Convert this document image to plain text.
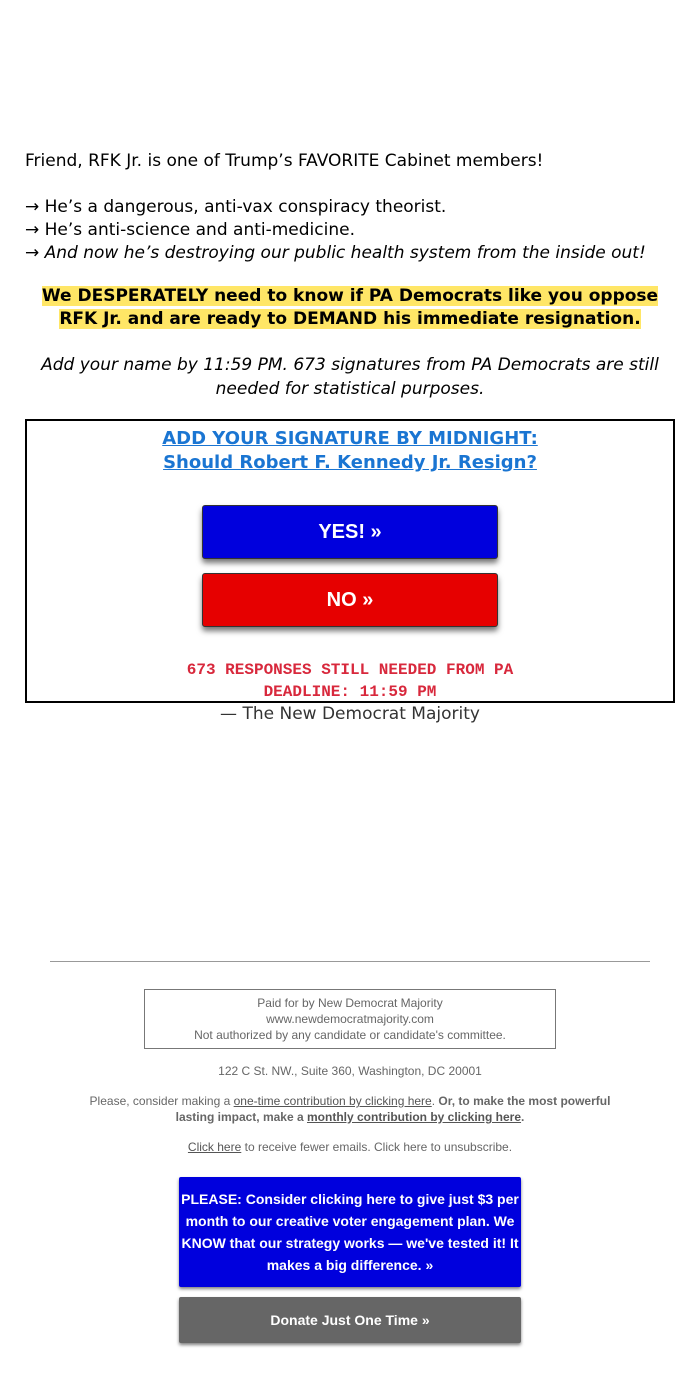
Friend, RFK Jr. is one of Trump’s FAVORITE Cabinet members!

→ He’s a dangerous, anti-vax conspiracy theorist.

→ He’s anti-science and anti-medicine.

→ And now he’s destroying our public health system from the inside out!

We DESPERATELY need to know if PA Democrats like you oppose RFK Jr. and are ready to DEMAND his immediate resignation.

Add your name by 11:59 PM. 673 signatures from PA Democrats are still needed for statistical purposes.

ADD YOUR SIGNATURE BY MIDNIGHT:
Should Robert F. Kennedy Jr. Resign?
YES! »
NO »
673 RESPONSES STILL NEEDED FROM PA
DEADLINE: 11:59 PM

— The New Democrat Majority

Paid for by New Democrat Majority
www.newdemocratmajority.com
Not authorized by any candidate or candidate's committee.

122 C St. NW., Suite 360, Washington, DC 20001

Please, consider making a one-time contribution by clicking here. Or, to make the most powerful lasting impact, make a monthly contribution by clicking here.

Click here to receive fewer emails. Click here to unsubscribe.

PLEASE: Consider clicking here to give just $3 per month to our creative voter engagement plan. We KNOW that our strategy works — we've tested it! It makes a big difference. »
Donate Just One Time »
